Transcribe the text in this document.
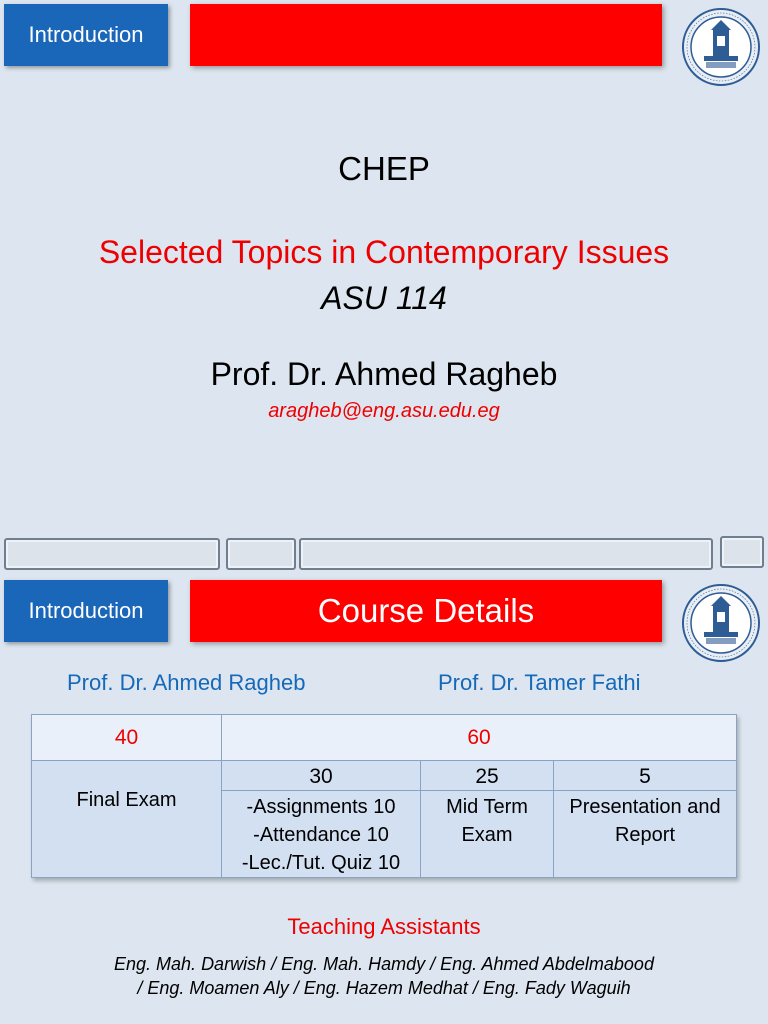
Introduction
CHEP
Selected Topics in Contemporary Issues
ASU 114
Prof. Dr. Ahmed Ragheb
aragheb@eng.asu.edu.eg
Introduction	Course Details
Prof. Dr. Ahmed Ragheb	Prof. Dr. Tamer Fathi
40	60		
Final Exam	30	25	5

	-Assignments 10
-Attendance 10
-Lec./Tut. Quiz 10	Mid Term Exam	Presentation and Report
Teaching Assistants
Eng. Mah. Darwish / Eng. Mah. Hamdy / Eng. Ahmed Abdelmabood
/ Eng. Moamen Aly / Eng. Hazem Medhat / Eng. Fady Waguih
